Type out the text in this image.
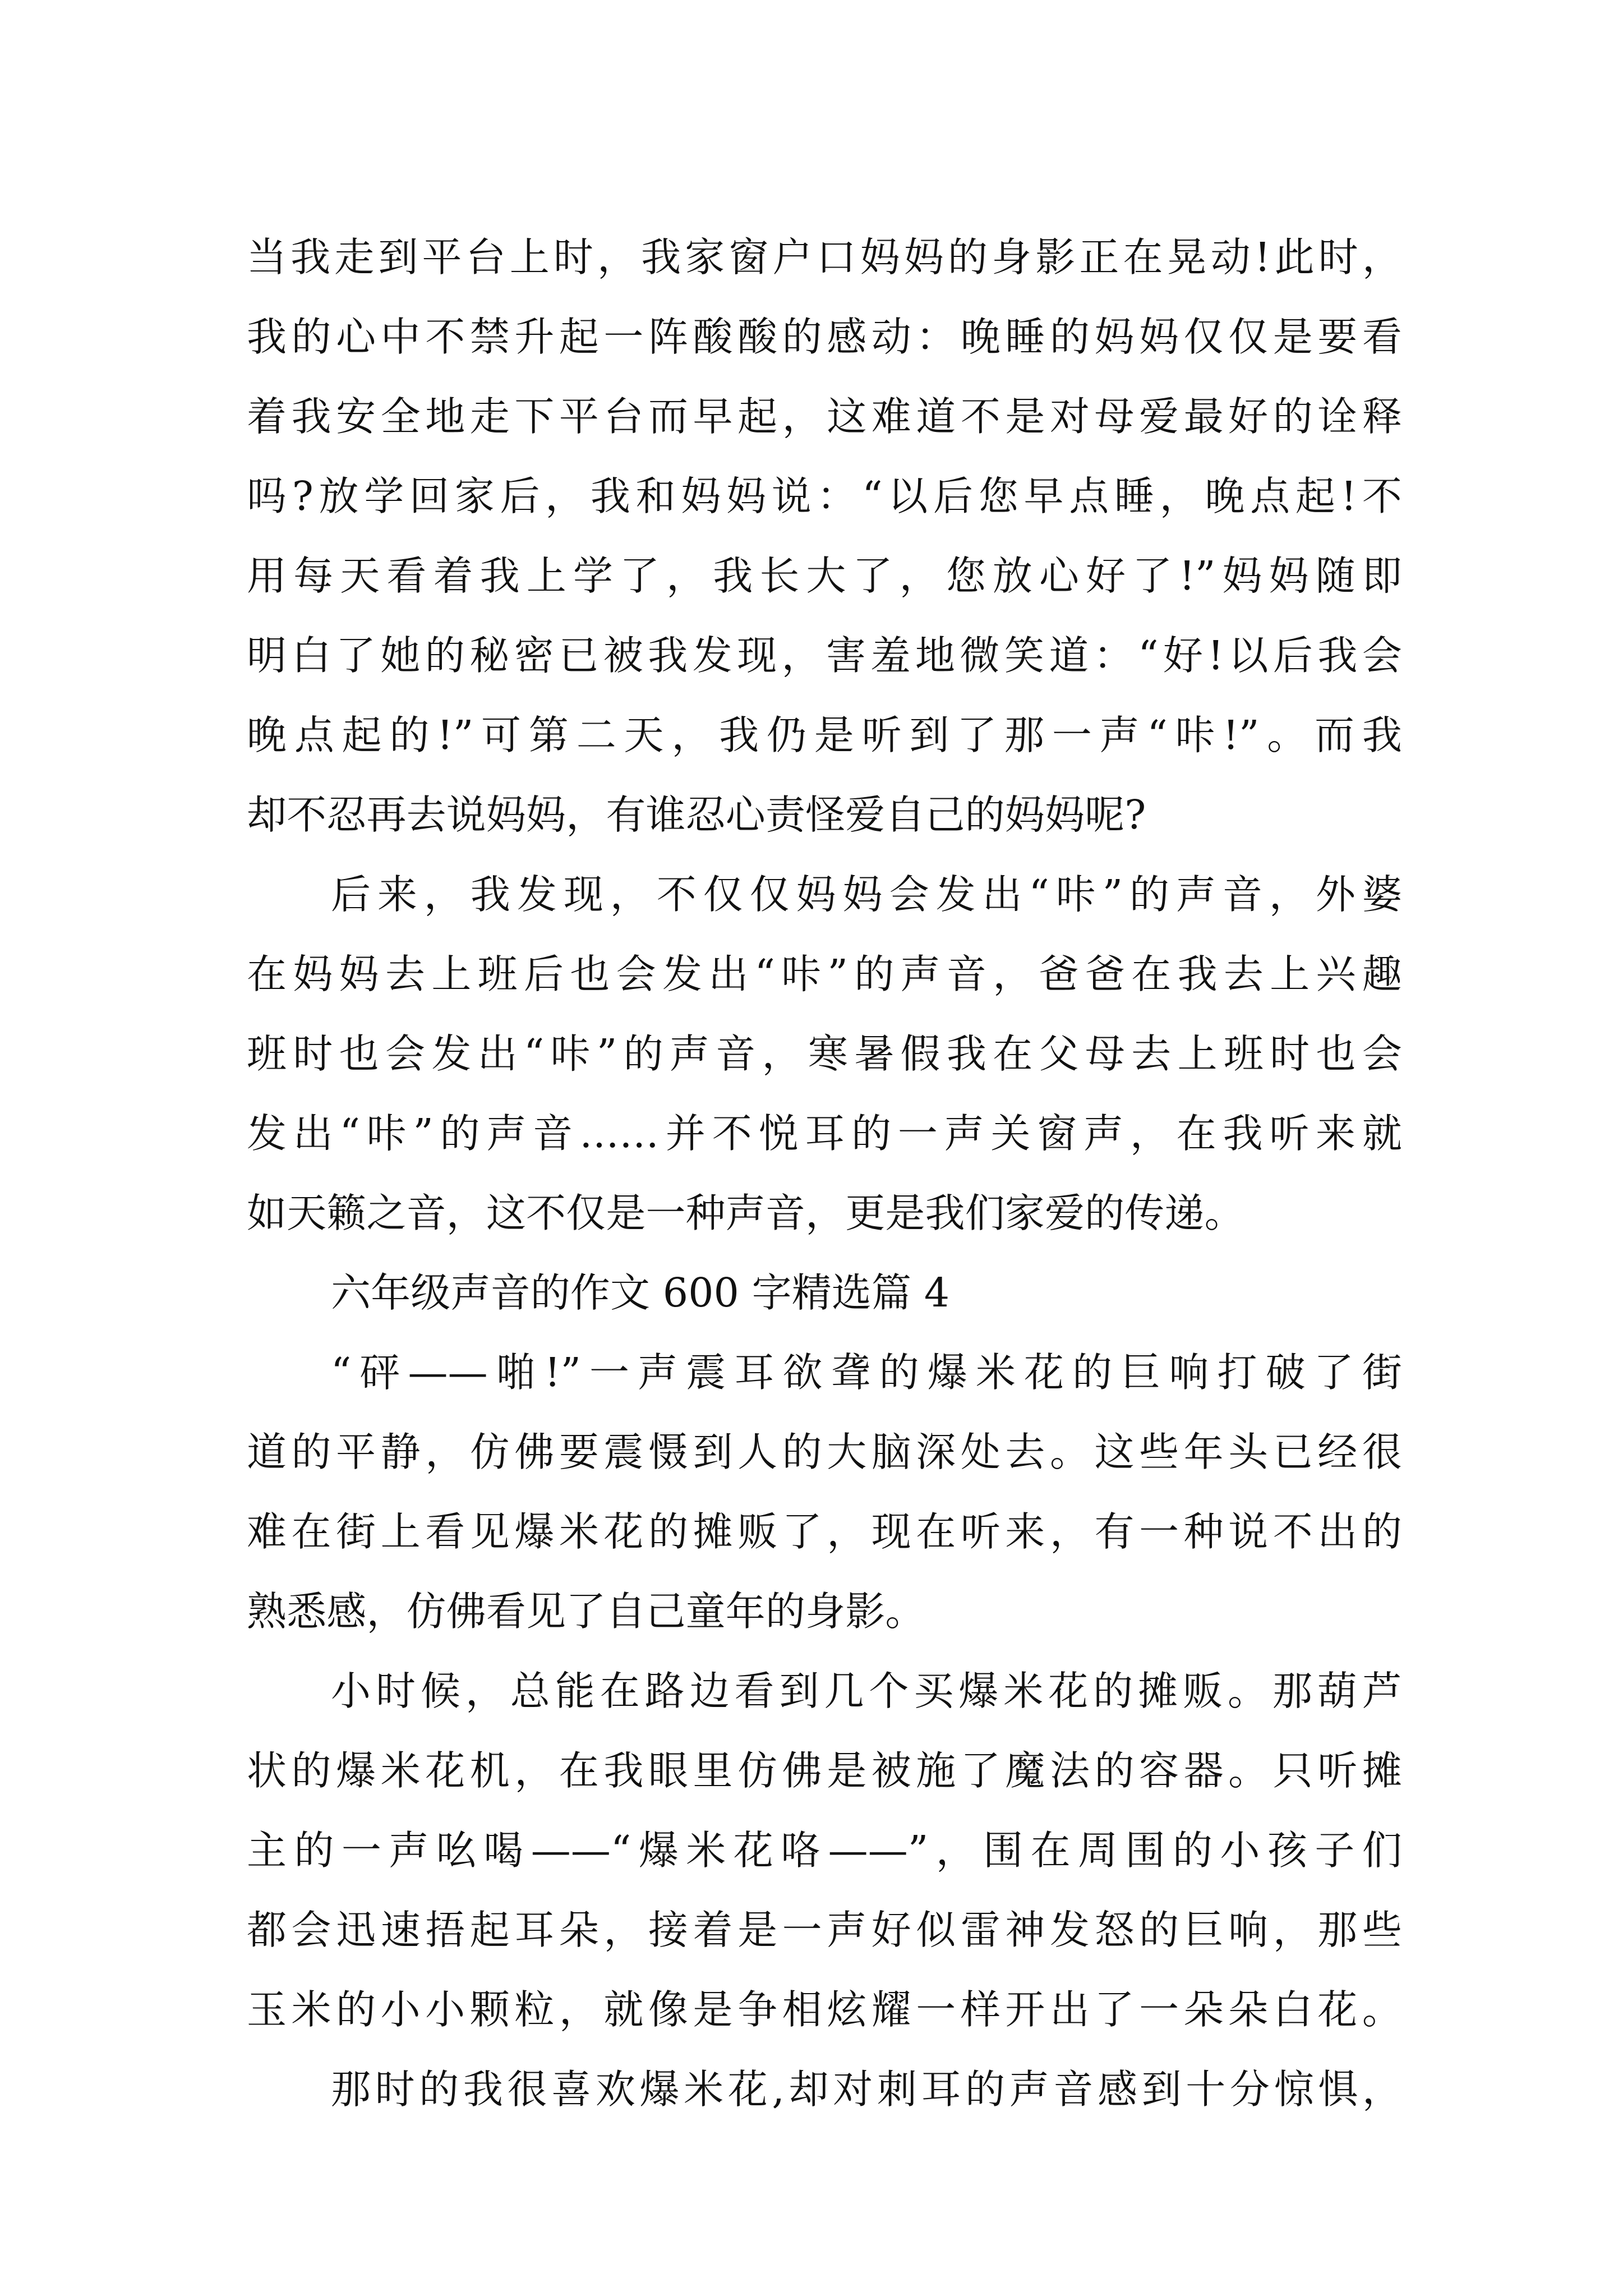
当我走到平台上时，我家窗户口妈妈的身影正在晃动!此时，
我的心中不禁升起一阵酸酸的感动：晚睡的妈妈仅仅是要看
着我安全地走下平台而早起，这难道不是对母爱最好的诠释
吗?放学回家后，我和妈妈说：“以后您早点睡，晚点起!不
用每天看着我上学了，我长大了，您放心好了!”妈妈随即
明白了她的秘密已被我发现，害羞地微笑道：“好!以后我会
晚点起的!”可第二天，我仍是听到了那一声“咔!”。而我
却不忍再去说妈妈，有谁忍心责怪爱自己的妈妈呢?
后来，我发现，不仅仅妈妈会发出“咔”的声音，外婆
在妈妈去上班后也会发出“咔”的声音，爸爸在我去上兴趣
班时也会发出“咔”的声音，寒暑假我在父母去上班时也会
发出“咔”的声音……并不悦耳的一声关窗声，在我听来就
如天籁之音，这不仅是一种声音，更是我们家爱的传递。
六年级声音的作文 600 字精选篇 4
“砰——啪!”一声震耳欲聋的爆米花的巨响打破了街
道的平静，仿佛要震慑到人的大脑深处去。这些年头已经很
难在街上看见爆米花的摊贩了，现在听来，有一种说不出的
熟悉感，仿佛看见了自己童年的身影。
小时候，总能在路边看到几个买爆米花的摊贩。那葫芦
状的爆米花机，在我眼里仿佛是被施了魔法的容器。只听摊
主的一声吆喝——“爆米花咯——”，围在周围的小孩子们
都会迅速捂起耳朵，接着是一声好似雷神发怒的巨响，那些
玉米的小小颗粒，就像是争相炫耀一样开出了一朵朵白花。
那时的我很喜欢爆米花,却对刺耳的声音感到十分惊惧，
